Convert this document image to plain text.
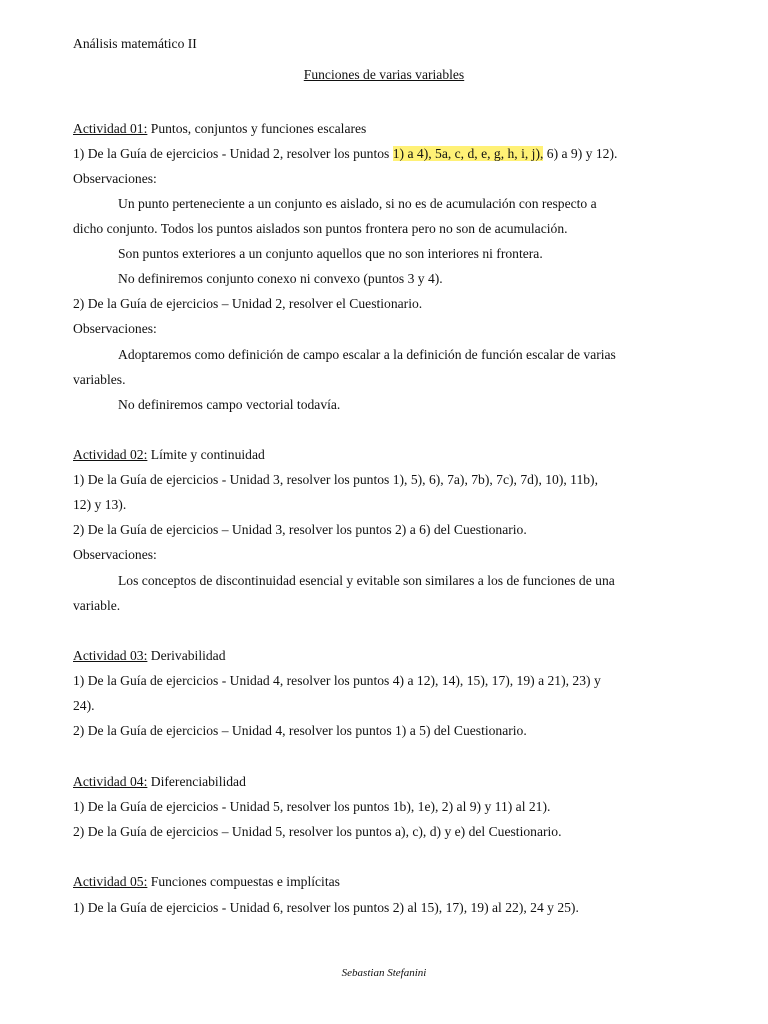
Análisis matemático II
Funciones de varias variables
Actividad 01: Puntos, conjuntos y funciones escalares
1) De la Guía de ejercicios - Unidad 2, resolver los puntos 1) a 4), 5a, c, d, e, g, h, i, j), 6) a 9) y 12).
Observaciones:
Un punto perteneciente a un conjunto es aislado, si no es de acumulación con respecto a
dicho conjunto. Todos los puntos aislados son puntos frontera pero no son de acumulación.
Son puntos exteriores a un conjunto aquellos que no son interiores ni frontera.
No definiremos conjunto conexo ni convexo (puntos 3 y 4).
2) De la Guía de ejercicios – Unidad 2, resolver el Cuestionario.
Observaciones:
Adoptaremos como definición de campo escalar a la definición de función escalar de varias
variables.
No definiremos campo vectorial todavía.
Actividad 02: Límite y continuidad
1) De la Guía de ejercicios - Unidad 3, resolver los puntos 1), 5), 6), 7a), 7b), 7c), 7d), 10), 11b),
12) y 13).
2) De la Guía de ejercicios – Unidad 3, resolver los puntos 2) a 6) del Cuestionario.
Observaciones:
Los conceptos de discontinuidad esencial y evitable son similares a los de funciones de una
variable.
Actividad 03: Derivabilidad
1) De la Guía de ejercicios - Unidad 4, resolver los puntos 4) a 12), 14), 15), 17), 19) a 21), 23) y
24).
2) De la Guía de ejercicios – Unidad 4, resolver los puntos 1) a 5) del Cuestionario.
Actividad 04: Diferenciabilidad
1) De la Guía de ejercicios - Unidad 5, resolver los puntos 1b), 1e), 2) al 9) y 11) al 21).
2) De la Guía de ejercicios – Unidad 5, resolver los puntos a), c), d) y e) del Cuestionario.
Actividad 05: Funciones compuestas e implícitas
1) De la Guía de ejercicios - Unidad 6, resolver los puntos 2) al 15), 17), 19) al 22), 24 y 25).
Sebastian Stefanini
